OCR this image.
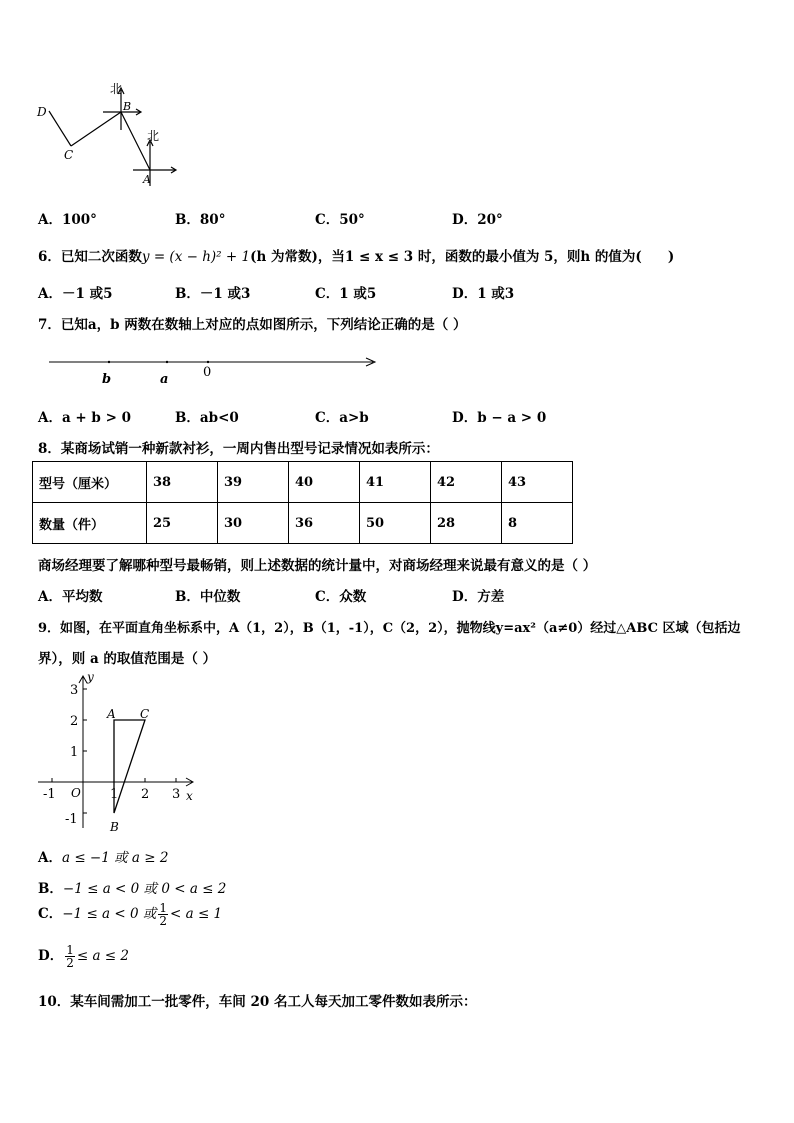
北
北
D
C
B
A
A．100°	B．80°	C．50°	D．20°
6．已知二次函数y = (x − h)² + 1(h 为常数)，当1 ≤ x ≤ 3 时，函数的最小值为 5，则h 的值为( )
A．－1 或5	B．－1 或3	C．1 或5	D．1 或3
7．已知a，b 两数在数轴上对应的点如图所示，下列结论正确的是（ ）
b	a	0
A．a + b > 0	B．ab<0	C．a>b	D．b − a > 0
8．某商场试销一种新款衬衫，一周内售出型号记录情况如表所示：
型号（厘米）	38	39	40	41	42	43
数量（件）	25	30	36	50	28	8
商场经理要了解哪种型号最畅销，则上述数据的统计量中，对商场经理来说最有意义的是（ ）
A．平均数	B．中位数	C．众数	D．方差
9．如图，在平面直角坐标系中，A（1，2），B（1，-1），C（2，2），抛物线y=ax²（a≠0）经过△ABC 区域（包括边
界），则 a 的取值范围是（ ）
y
x
O
3
2
1
-1
-1	1 2 3
A C
B
A．a ≤ −1 或 a ≥ 2
B．−1 ≤ a < 0 或 0 < a ≤ 2
C．−1 ≤ a < 0 或 $\frac{1}{2} < a \le 1$
D． $\frac{1}{2} \le a \le 2$
10．某车间需加工一批零件，车间 20 名工人每天加工零件数如表所示：
